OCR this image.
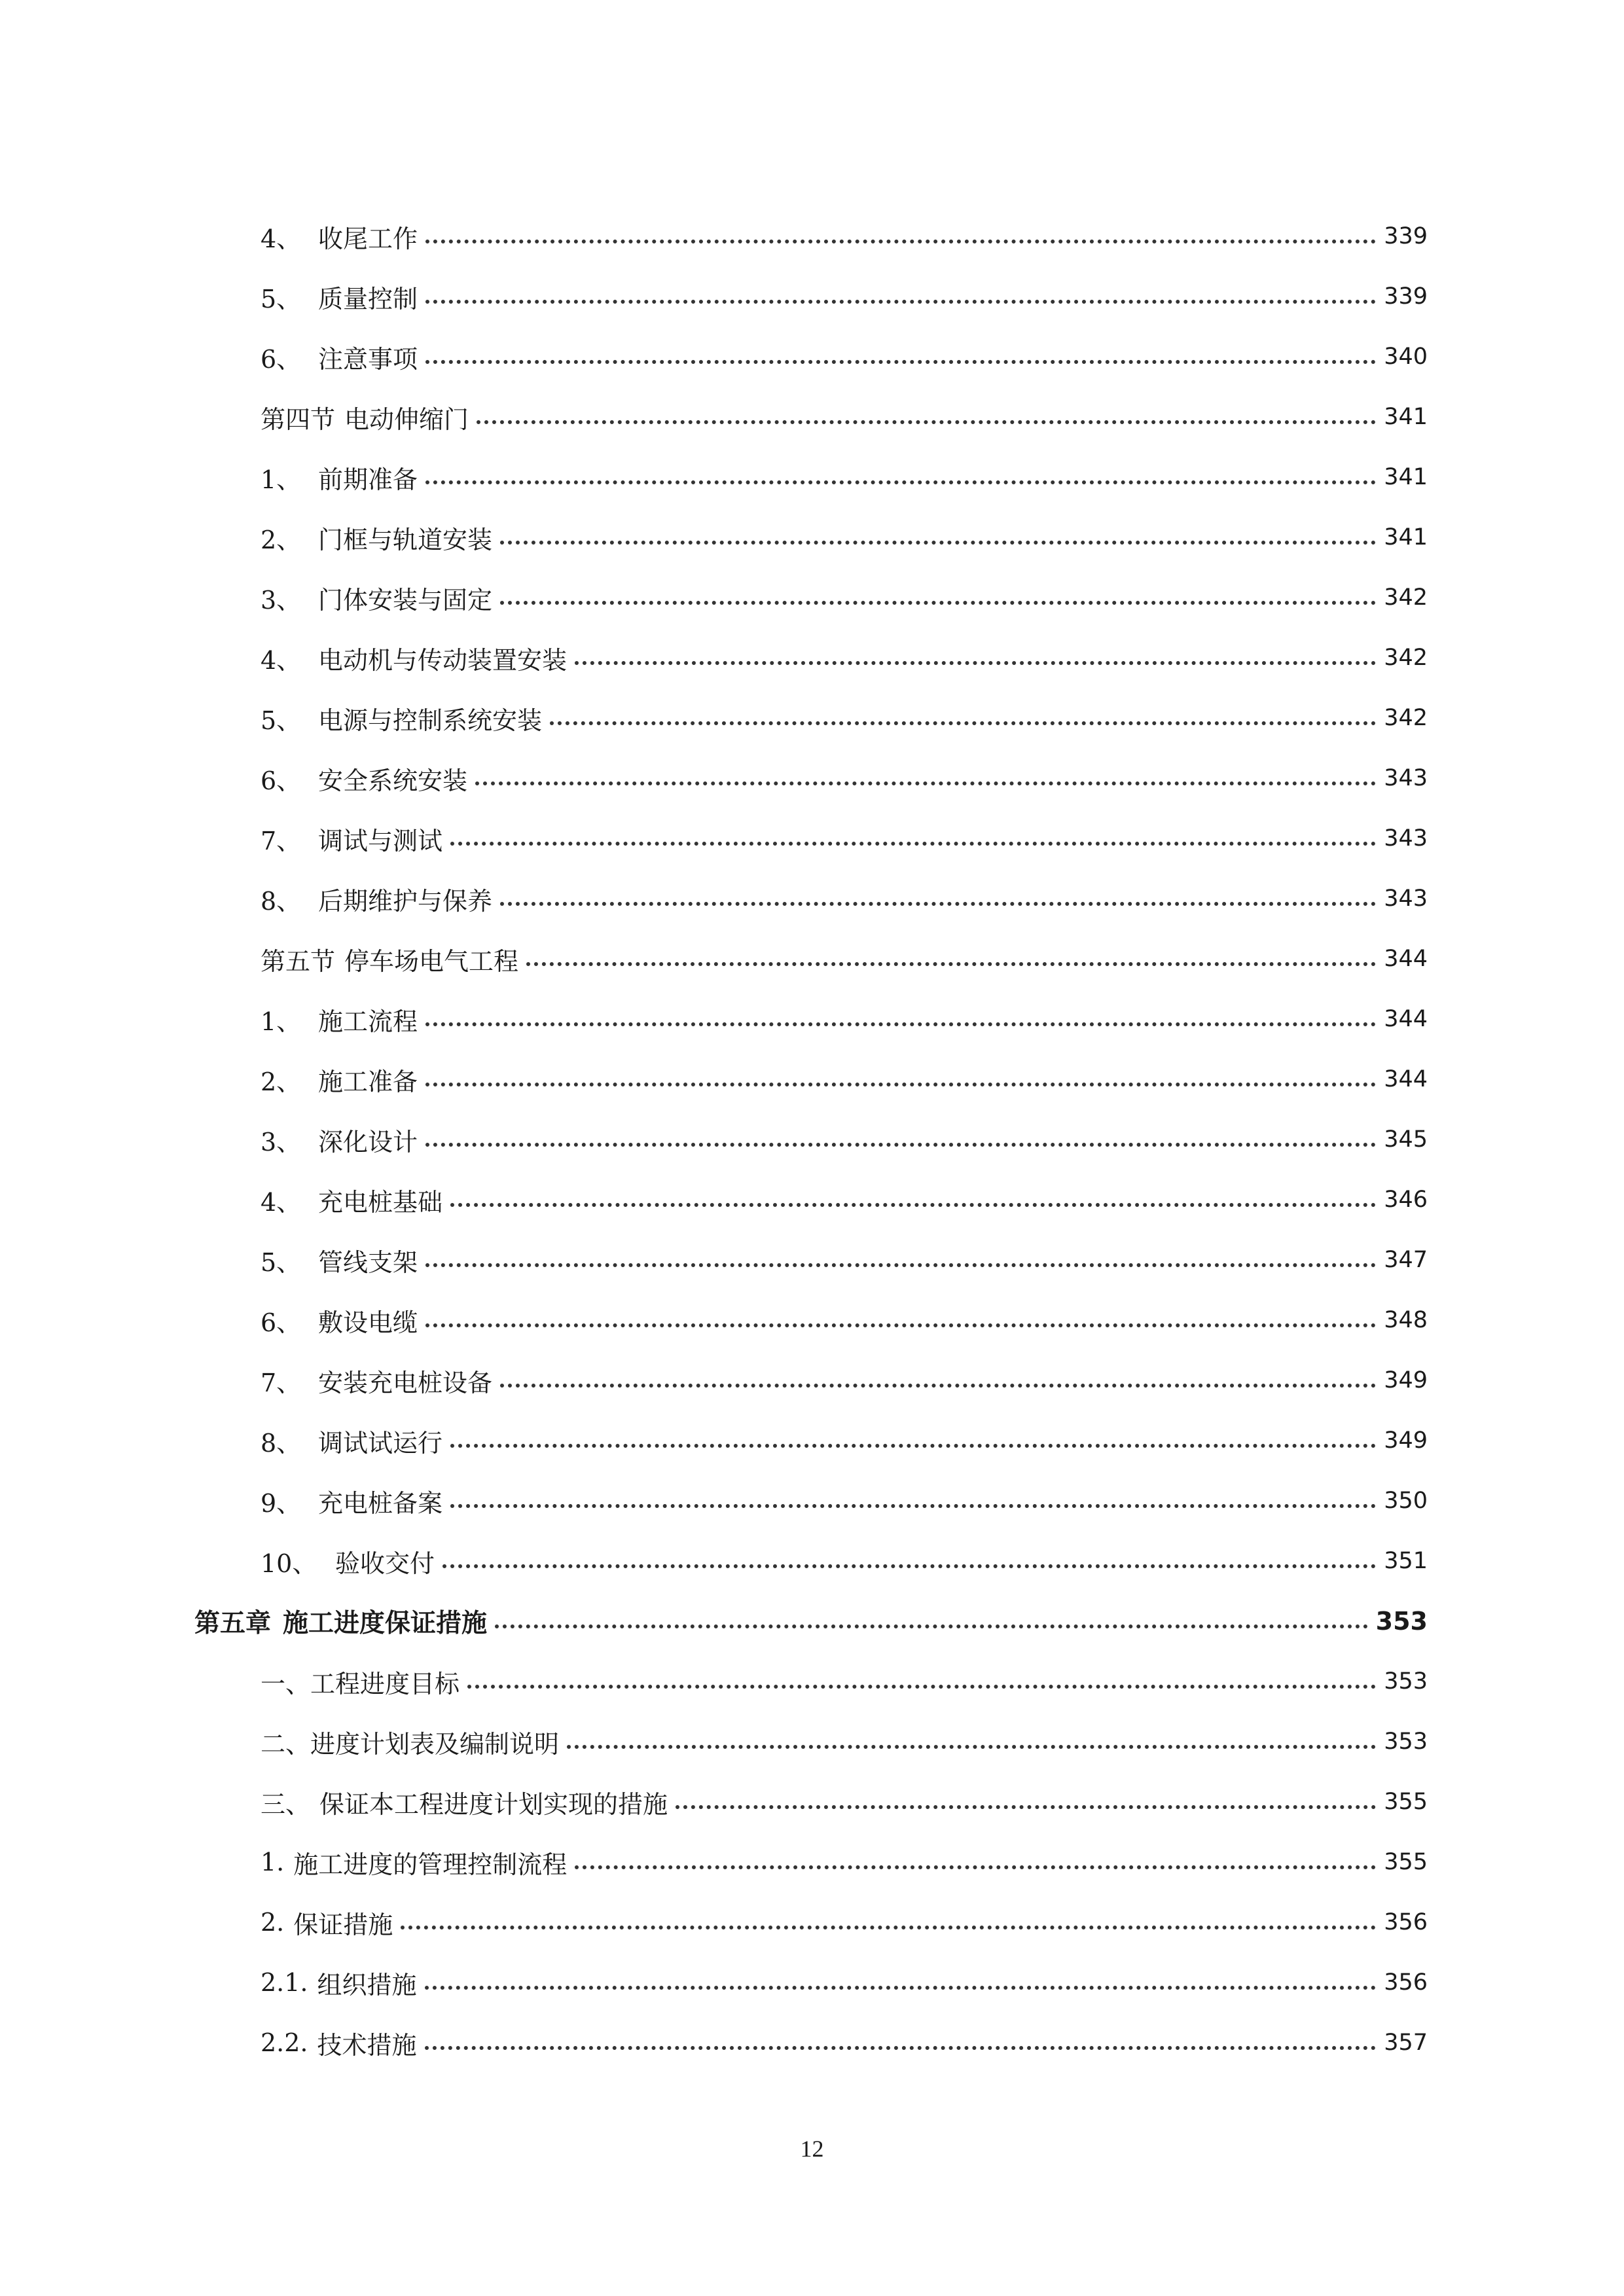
4、 收尾工作	339
5、 质量控制	339
6、 注意事项	340
第四节 电动伸缩门	341
1、 前期准备	341
2、 门框与轨道安装	341
3、 门体安装与固定	342
4、 电动机与传动装置安装	342
5、 电源与控制系统安装	342
6、 安全系统安装	343
7、 调试与测试	343
8、 后期维护与保养	343
第五节 停车场电气工程	344
1、 施工流程	344
2、 施工准备	344
3、 深化设计	345
4、 充电桩基础	346
5、 管线支架	347
6、 敷设电缆	348
7、 安装充电桩设备	349
8、 调试试运行	349
9、 充电桩备案	350
10、 验收交付	351
第五章 施工进度保证措施	353
一、工程进度目标	353
二、进度计划表及编制说明	353
三、 保证本工程进度计划实现的措施	355
1. 施工进度的管理控制流程	355
2. 保证措施	356
2.1. 组织措施	356
2.2. 技术措施	357
12
